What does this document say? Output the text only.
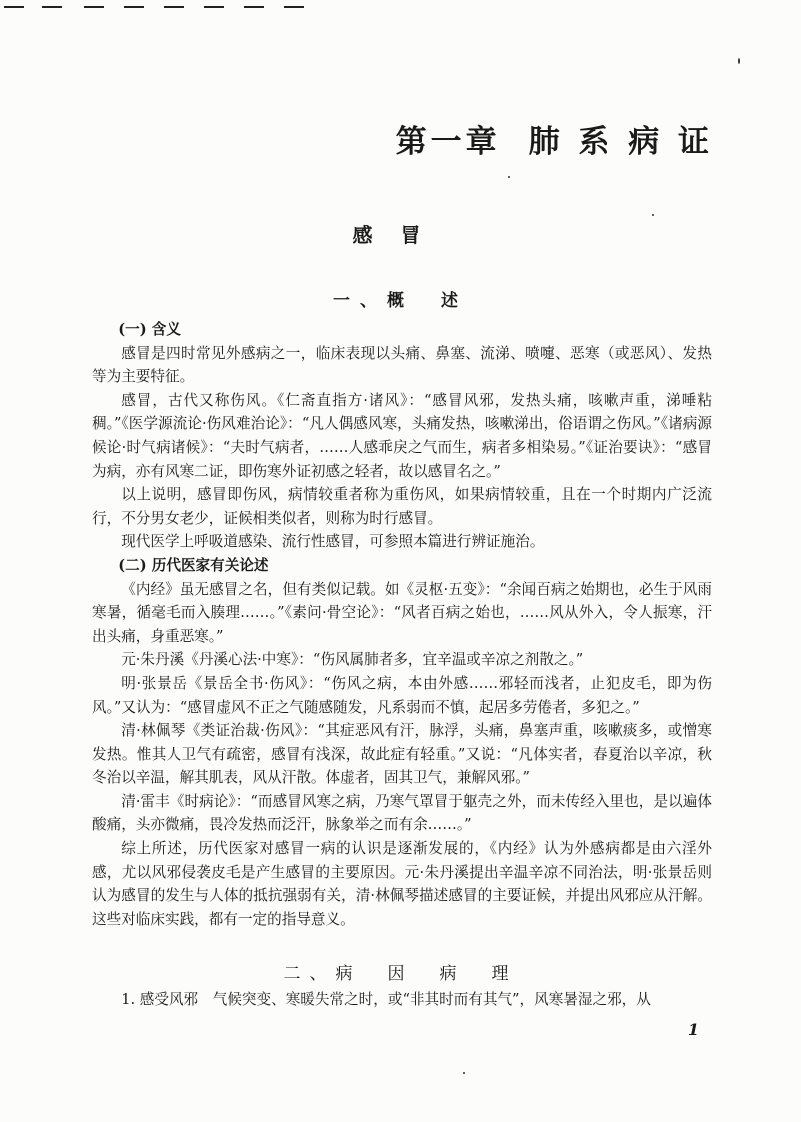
第一章 肺 系 病 证
感冒
一、概　述
(一) 含义

感冒是四时常见外感病之一，临床表现以头痛、鼻塞、流涕、喷嚏、恶寒（或恶风）、发热等为主要特征。

感冒，古代又称伤风。《仁斋直指方·诸风》：“感冒风邪，发热头痛，咳嗽声重，涕唾粘稠。”《医学源流论·伤风难治论》：“凡人偶感风寒，头痛发热，咳嗽涕出，俗语谓之伤风。”《诸病源候论·时气病诸候》：“夫时气病者，……人感乖戾之气而生，病者多相染易。”《证治要诀》：“感冒为病，亦有风寒二证，即伤寒外证初感之轻者，故以感冒名之。”

以上说明，感冒即伤风，病情较重者称为重伤风，如果病情较重，且在一个时期内广泛流行，不分男女老少，证候相类似者，则称为时行感冒。

现代医学上呼吸道感染、流行性感冒，可参照本篇进行辨证施治。

(二) 历代医家有关论述

《内经》虽无感冒之名，但有类似记载。如《灵枢·五变》：“余闻百病之始期也，必生于风雨寒暑，循毫毛而入腠理……。”《素问·骨空论》：“风者百病之始也，……风从外入，令人振寒，汗出头痛，身重恶寒。”

元·朱丹溪《丹溪心法·中寒》：“伤风属肺者多，宜辛温或辛凉之剂散之。”

明·张景岳《景岳全书·伤风》：“伤风之病，本由外感……邪轻而浅者，止犯皮毛，即为伤风。”又认为：“感冒虚风不正之气随感随发，凡系弱而不慎，起居多劳倦者，多犯之。”

清·林佩琴《类证治裁·伤风》：“其症恶风有汗，脉浮，头痛，鼻塞声重，咳嗽痰多，或憎寒发热。惟其人卫气有疏密，感冒有浅深，故此症有轻重。”又说：“凡体实者，春夏治以辛凉，秋冬治以辛温，解其肌表，风从汗散。体虚者，固其卫气，兼解风邪。”

清·雷丰《时病论》：“而感冒风寒之病，乃寒气罩冒于躯壳之外，而未传经入里也，是以遍体酸痛，头亦微痛，畏冷发热而泛汗，脉象举之而有余……。”

综上所述，历代医家对感冒一病的认识是逐渐发展的，《内经》认为外感病都是由六淫外感，尤以风邪侵袭皮毛是产生感冒的主要原因。元·朱丹溪提出辛温辛凉不同治法，明·张景岳则认为感冒的发生与人体的抵抗强弱有关，清·林佩琴描述感冒的主要证候，并提出风邪应从汗解。这些对临床实践，都有一定的指导意义。

二、病　因　病　理

1. 感受风邪　气候突变、寒暖失常之时，或“非其时而有其气”，风寒暑湿之邪，从

1
